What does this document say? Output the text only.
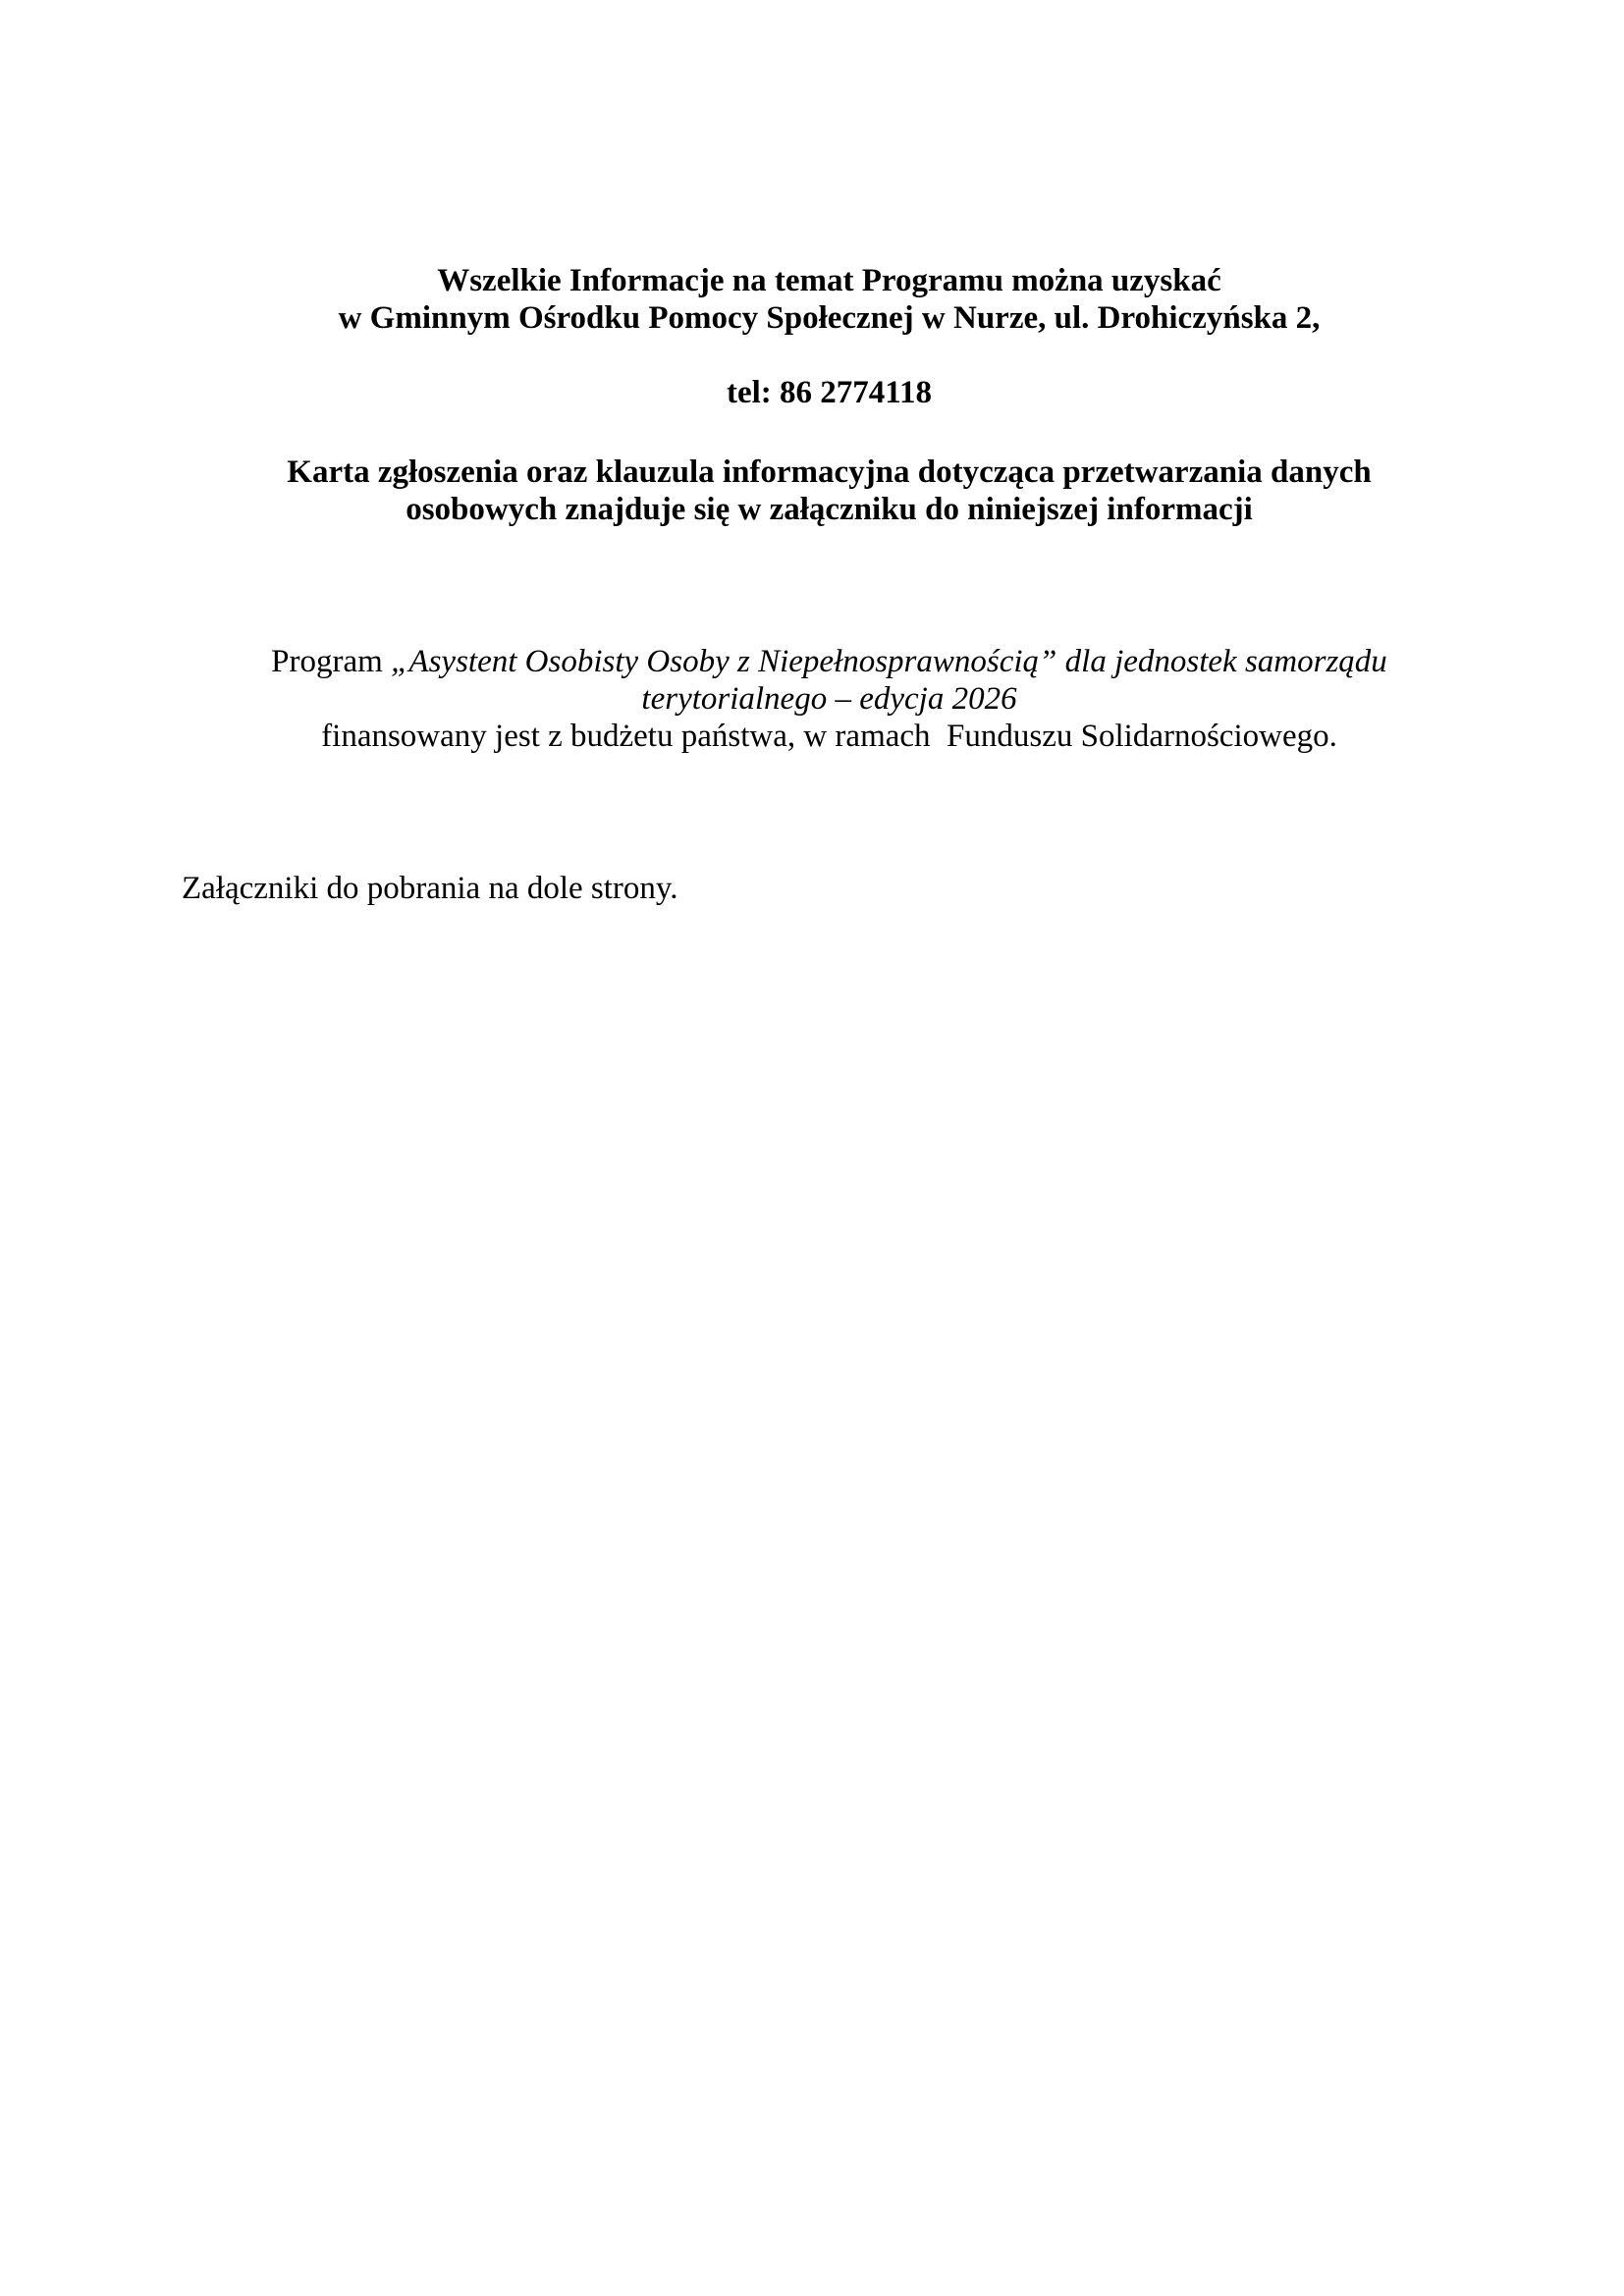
Wszelkie Informacje na temat Programu można uzyskać
w Gminnym Ośrodku Pomocy Społecznej w Nurze, ul. Drohiczyńska 2,

tel: 86 2774118

Karta zgłoszenia oraz klauzula informacyjna dotycząca przetwarzania danych
osobowych znajduje się w załączniku do niniejszej informacji

Program „Asystent Osobisty Osoby z Niepełnosprawnością” dla jednostek samorządu
terytorialnego – edycja 2026
finansowany jest z budżetu państwa, w ramach  Funduszu Solidarnościowego.

Załączniki do pobrania na dole strony.
